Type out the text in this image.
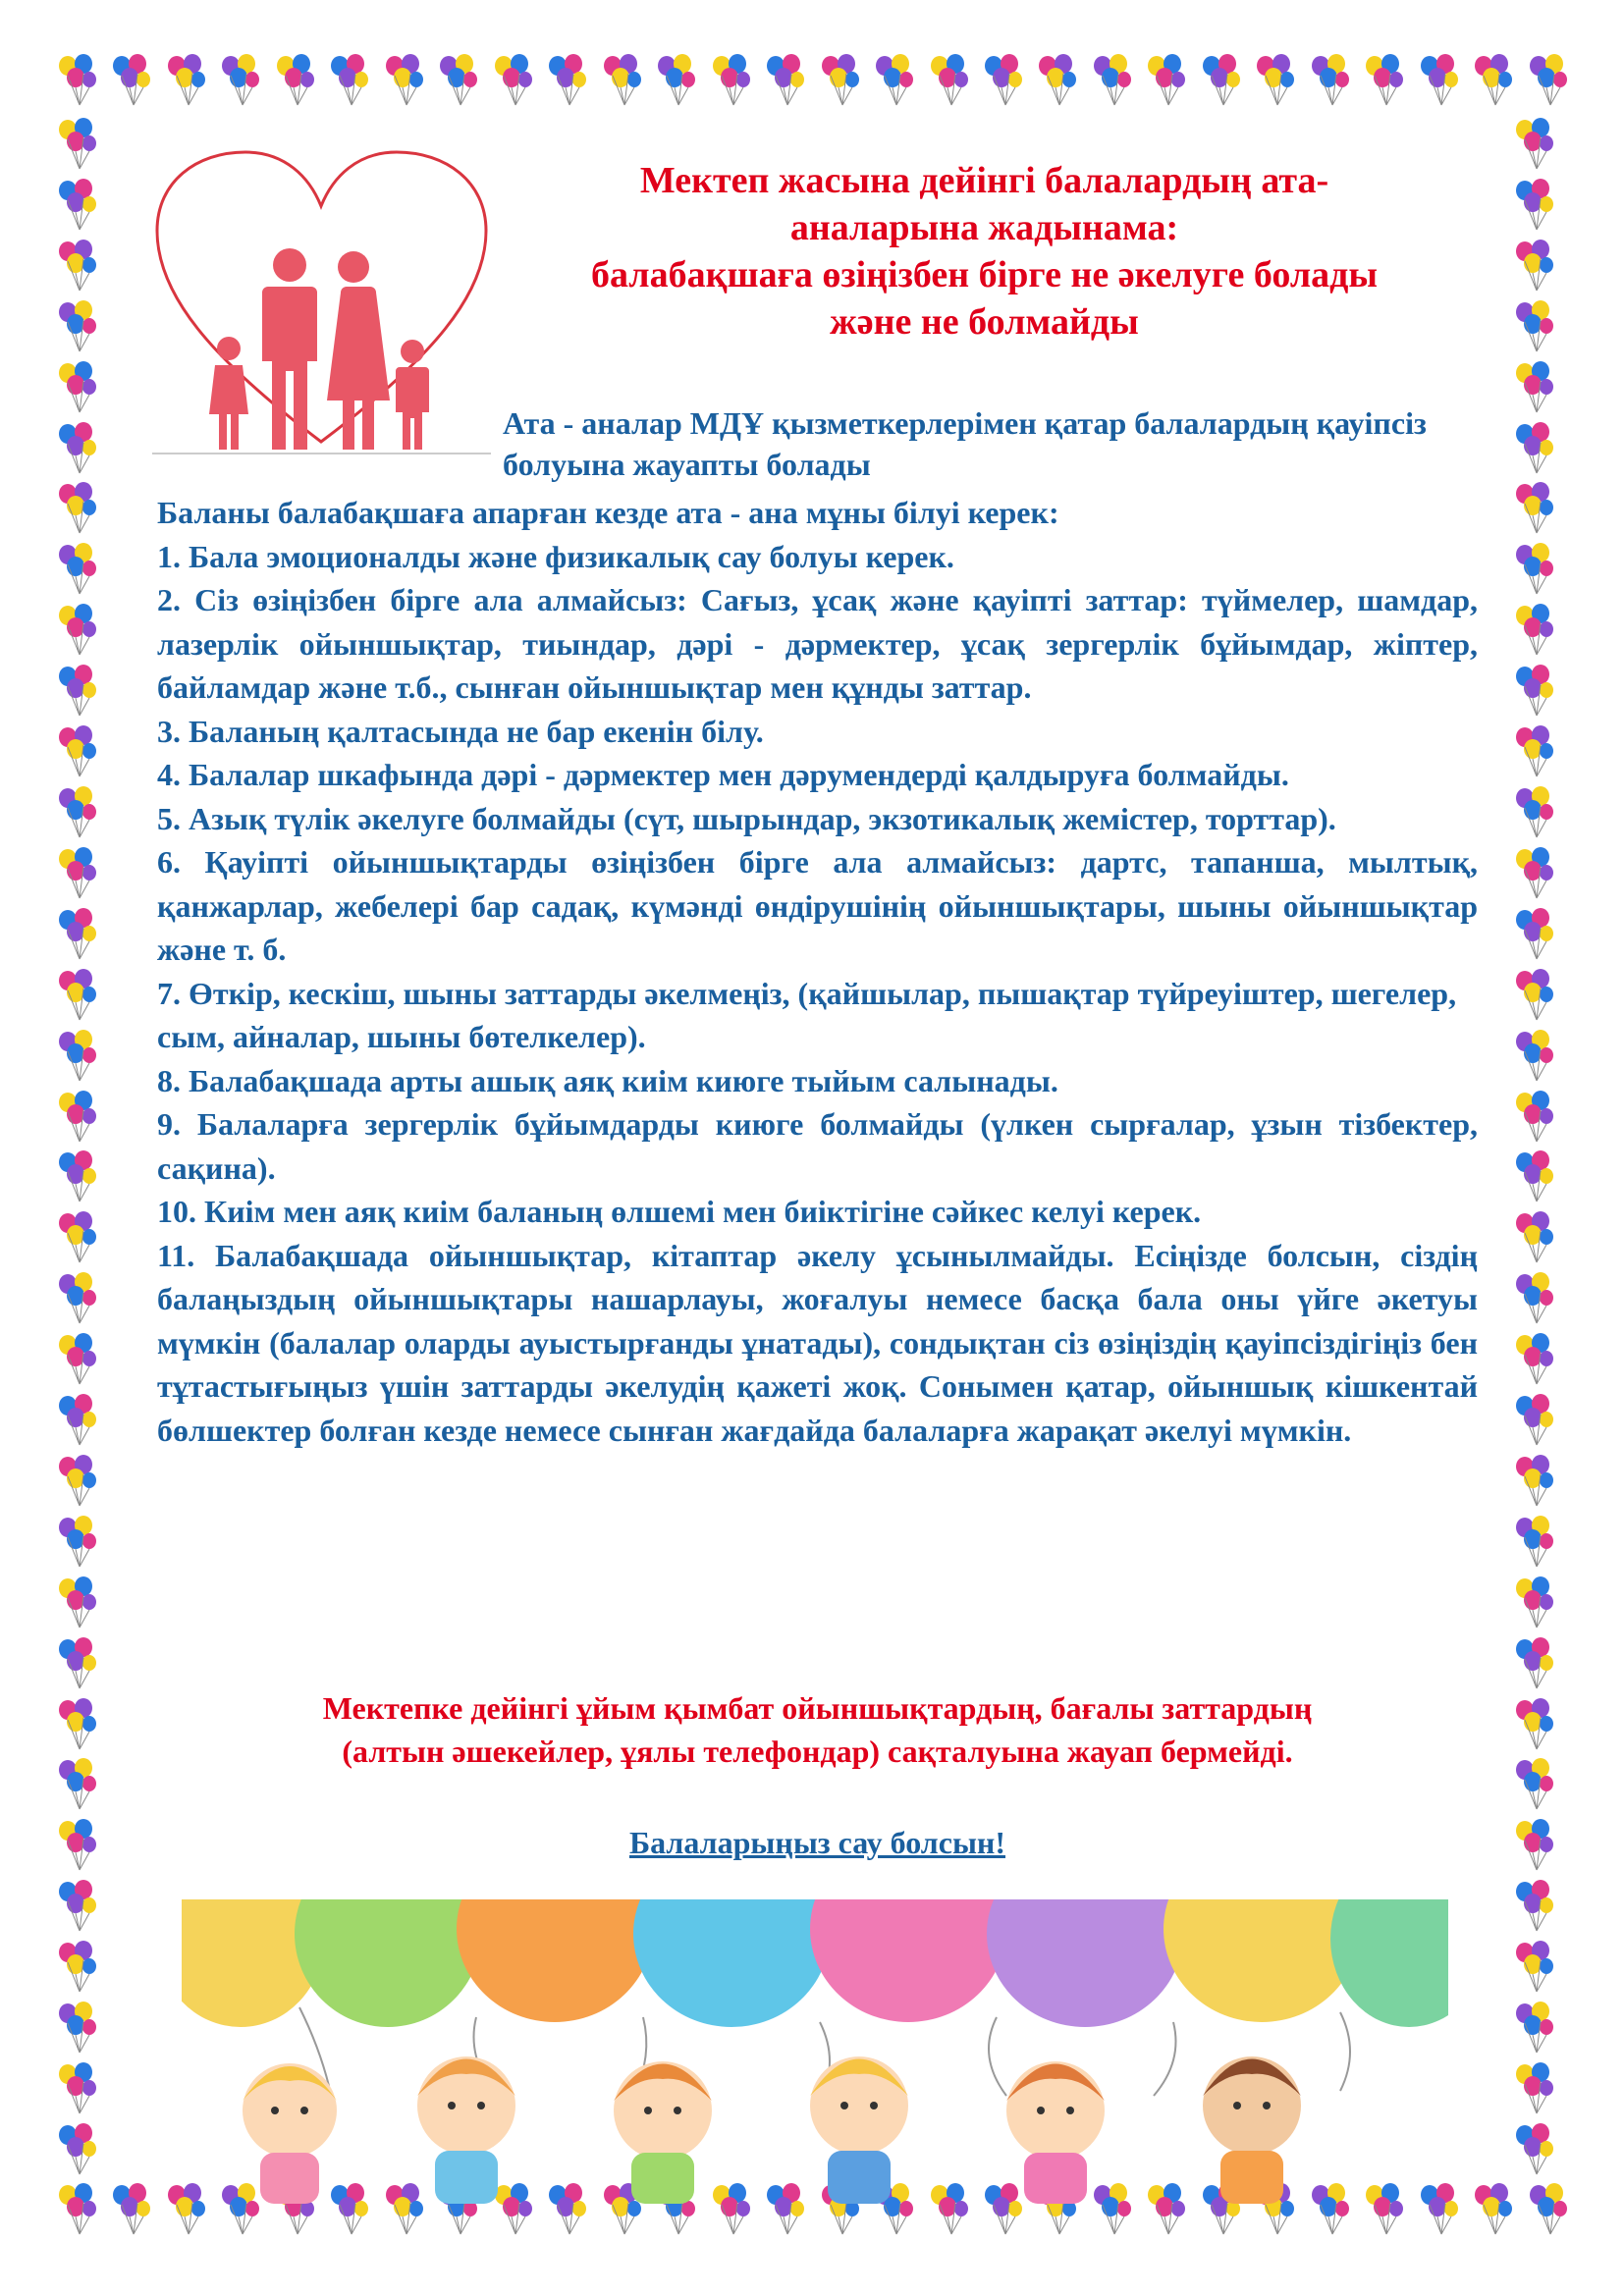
Мектеп жасына дейінгі балалардың ата-
аналарына жадынама:
балабақшаға өзіңізбен бірге не әкелуге болады
және не болмайды
Ата - аналар МДҰ қызметкерлерімен қатар балалардың қауіпсіз болуына жауапты болады

Баланы балабақшаға апарған кезде ата - ана мұны білуі керек:

1. Бала эмоционалды және физикалық сау болуы керек.

2. Сіз өзіңізбен бірге ала алмайсыз: Сағыз, ұсақ және қауіпті заттар: түймелер, шамдар, лазерлік ойыншықтар, тиындар, дәрі - дәрмектер, ұсақ зергерлік бұйымдар, жіптер, байламдар және т.б., сынған ойыншықтар мен құнды заттар.

3. Баланың қалтасында не бар екенін білу.

4. Балалар шкафында дәрі - дәрмектер мен дәрумендерді қалдыруға болмайды.

5. Азық түлік әкелуге болмайды (сүт, шырындар, экзотикалық жемістер, торттар).

6. Қауіпті ойыншықтарды өзіңізбен бірге ала алмайсыз: дартс, тапанша, мылтық, қанжарлар, жебелері бар садақ, күмәнді өндірушінің ойыншықтары, шыны ойыншықтар және т. б.

7. Өткір, кескіш, шыны заттарды әкелмеңіз, (қайшылар, пышақтар түйреуіштер, шегелер, сым, айналар, шыны бөтелкелер).

8. Балабақшада арты ашық аяқ киім киюге тыйым салынады.

9. Балаларға зергерлік бұйымдарды киюге болмайды (үлкен сырғалар, ұзын тізбектер, сақина).

10. Киім мен аяқ киім баланың өлшемі мен биіктігіне сәйкес келуі керек.

11. Балабақшада ойыншықтар, кітаптар әкелу ұсынылмайды. Есіңізде болсын, сіздің балаңыздың ойыншықтары нашарлауы, жоғалуы немесе басқа бала оны үйге әкетуы мүмкін (балалар оларды ауыстырғанды ұнатады), сондықтан сіз өзіңіздің қауіпсіздігіңіз бен тұтастығыңыз үшін заттарды әкелудің қажеті жоқ. Сонымен қатар, ойыншық кішкентай бөлшектер болған кезде немесе сынған жағдайда балаларға жарақат әкелуі мүмкін.

Мектепке дейінгі ұйым қымбат ойыншықтардың, бағалы заттардың
(алтын әшекейлер, ұялы телефондар) сақталуына жауап бермейді.
Балаларыңыз сау болсын!
